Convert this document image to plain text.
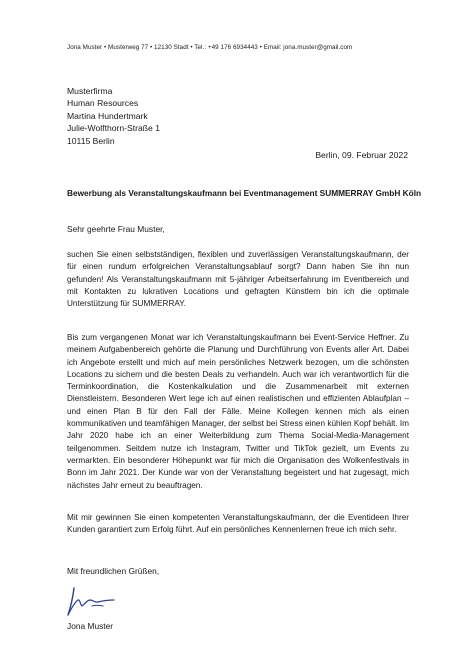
Jona Muster • Musterweg 77 • 12130 Stadt • Tel.: +49 176 6934443 • Email: jona.muster@gmail.com
Musterfirma
Human Resources
Martina Hundertmark
Julie-Wolfthorn-Straße 1
10115 Berlin
Berlin, 09. Februar 2022
Bewerbung als Veranstaltungskaufmann bei Eventmanagement SUMMERRAY GmbH Köln
Sehr geehrte Frau Muster,
suchen Sie einen selbstständigen, flexiblen und zuverlässigen Veranstaltungskaufmann, der für einen rundum erfolgreichen Veranstaltungsablauf sorgt? Dann haben Sie ihn nun gefunden! Als Veranstaltungskaufmann mit 5-jähriger Arbeitserfahrung im Eventbereich und mit Kontakten zu lukrativen Locations und gefragten Künstlern bin ich die optimale Unterstützung für SUMMERRAY.
Bis zum vergangenen Monat war ich Veranstaltungskaufmann bei Event-Service Heffner. Zu meinem Aufgabenbereich gehörte die Planung und Durchführung von Events aller Art. Dabei ich Angebote erstellt und mich auf mein persönliches Netzwerk bezogen, um die schönsten Locations zu sichern und die besten Deals zu verhandeln. Auch war ich verantwortlich für die Terminkoordination, die Kostenkalkulation und die Zusammenarbeit mit externen Dienstleistern. Besonderen Wert lege ich auf einen realistischen und effizienten Ablaufplan – und einen Plan B für den Fall der Fälle. Meine Kollegen kennen mich als einen kommunikativen und teamfähigen Manager, der selbst bei Stress einen kühlen Kopf behält. Im Jahr 2020 habe ich an einer Weiterbildung zum Thema Social-Media-Management teilgenommen. Seitdem nutze ich Instagram, Twitter und TikTok gezielt, um Events zu vermarkten. Ein besonderer Höhepunkt war für mich die Organisation des Wolkenfestivals in Bonn im Jahr 2021. Der Kunde war von der Veranstaltung begeistert und hat zugesagt, mich nächstes Jahr erneut zu beauftragen.
Mit mir gewinnen Sie einen kompetenten Veranstaltungskaufmann, der die Eventideen Ihrer Kunden garantiert zum Erfolg führt. Auf ein persönliches Kennenlernen freue ich mich sehr.
Mit freundlichen Grüßen,
Jona Muster
